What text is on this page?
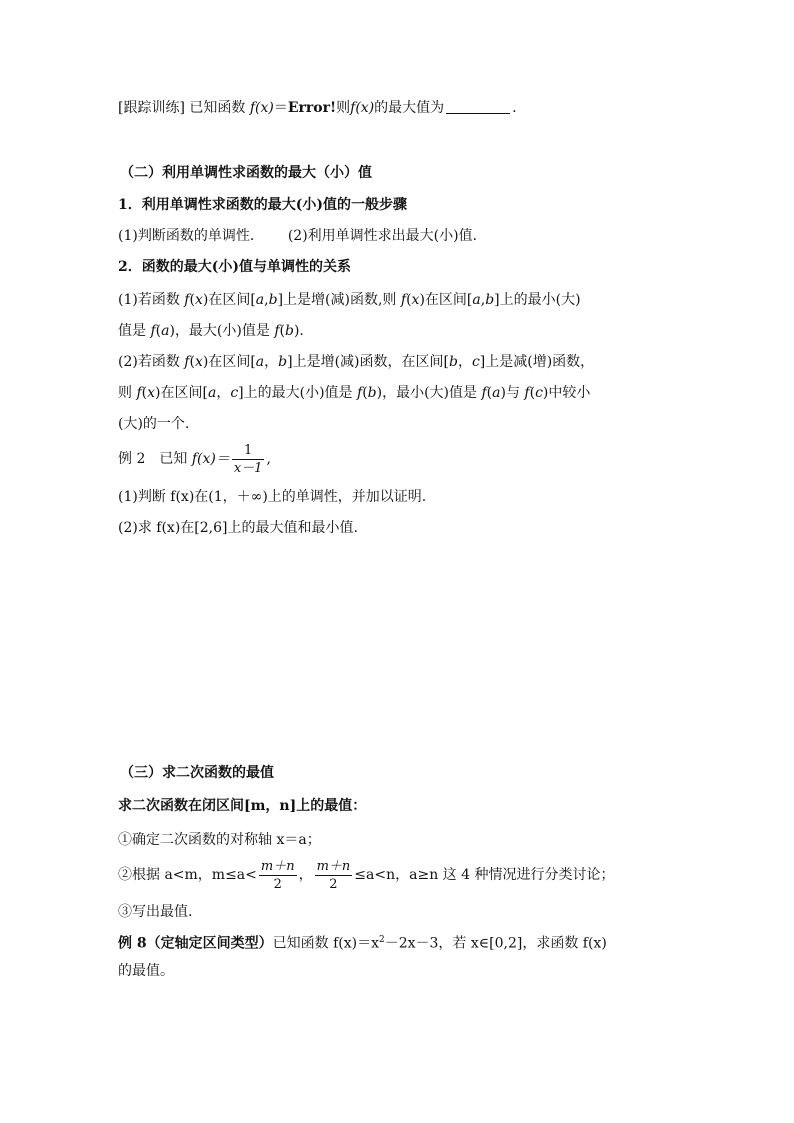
[跟踪训练] 已知函数 f(x)＝Error!则f(x)的最大值为	.
（二）利用单调性求函数的最大（小）值
1．利用单调性求函数的最大(小)值的一般步骤
(1)判断函数的单调性． (2)利用单调性求出最大(小)值．
2．函数的最大(小)值与单调性的关系
(1)若函数 f(x)在区间[a,b]上是增(减)函数,则 f(x)在区间[a,b]上的最小(大)
值是 f(a)，最大(小)值是 f(b).
(2)若函数 f(x)在区间[a，b]上是增(减)函数，在区间[b，c]上是减(增)函数，
则 f(x)在区间[a，c]上的最大(小)值是 f(b)，最小(大)值是 f(a)与 f(c)中较小
(大)的一个.
例 2　已知 $f(x)= \frac{1}{x-1}$ ,
(1)判断 f(x)在(1，＋∞)上的单调性，并加以证明.
(2)求 f(x)在[2,6]上的最大值和最小值.
（三）求二次函数的最值
求二次函数在闭区间[m，n]上的最值：
①确定二次函数的对称轴 x＝a；
②根据 a<m，$m\le a< \frac{m+n}{2}$ ， $\frac{m+n}{2} \le a<n$，a≥n 这 4 种情况进行分类讨论；
③写出最值.
例 8（定轴定区间类型）已知函数 $f(x)=x^2-2x-3$，若 x∈[0,2]，求函数 f(x)
的最值。
